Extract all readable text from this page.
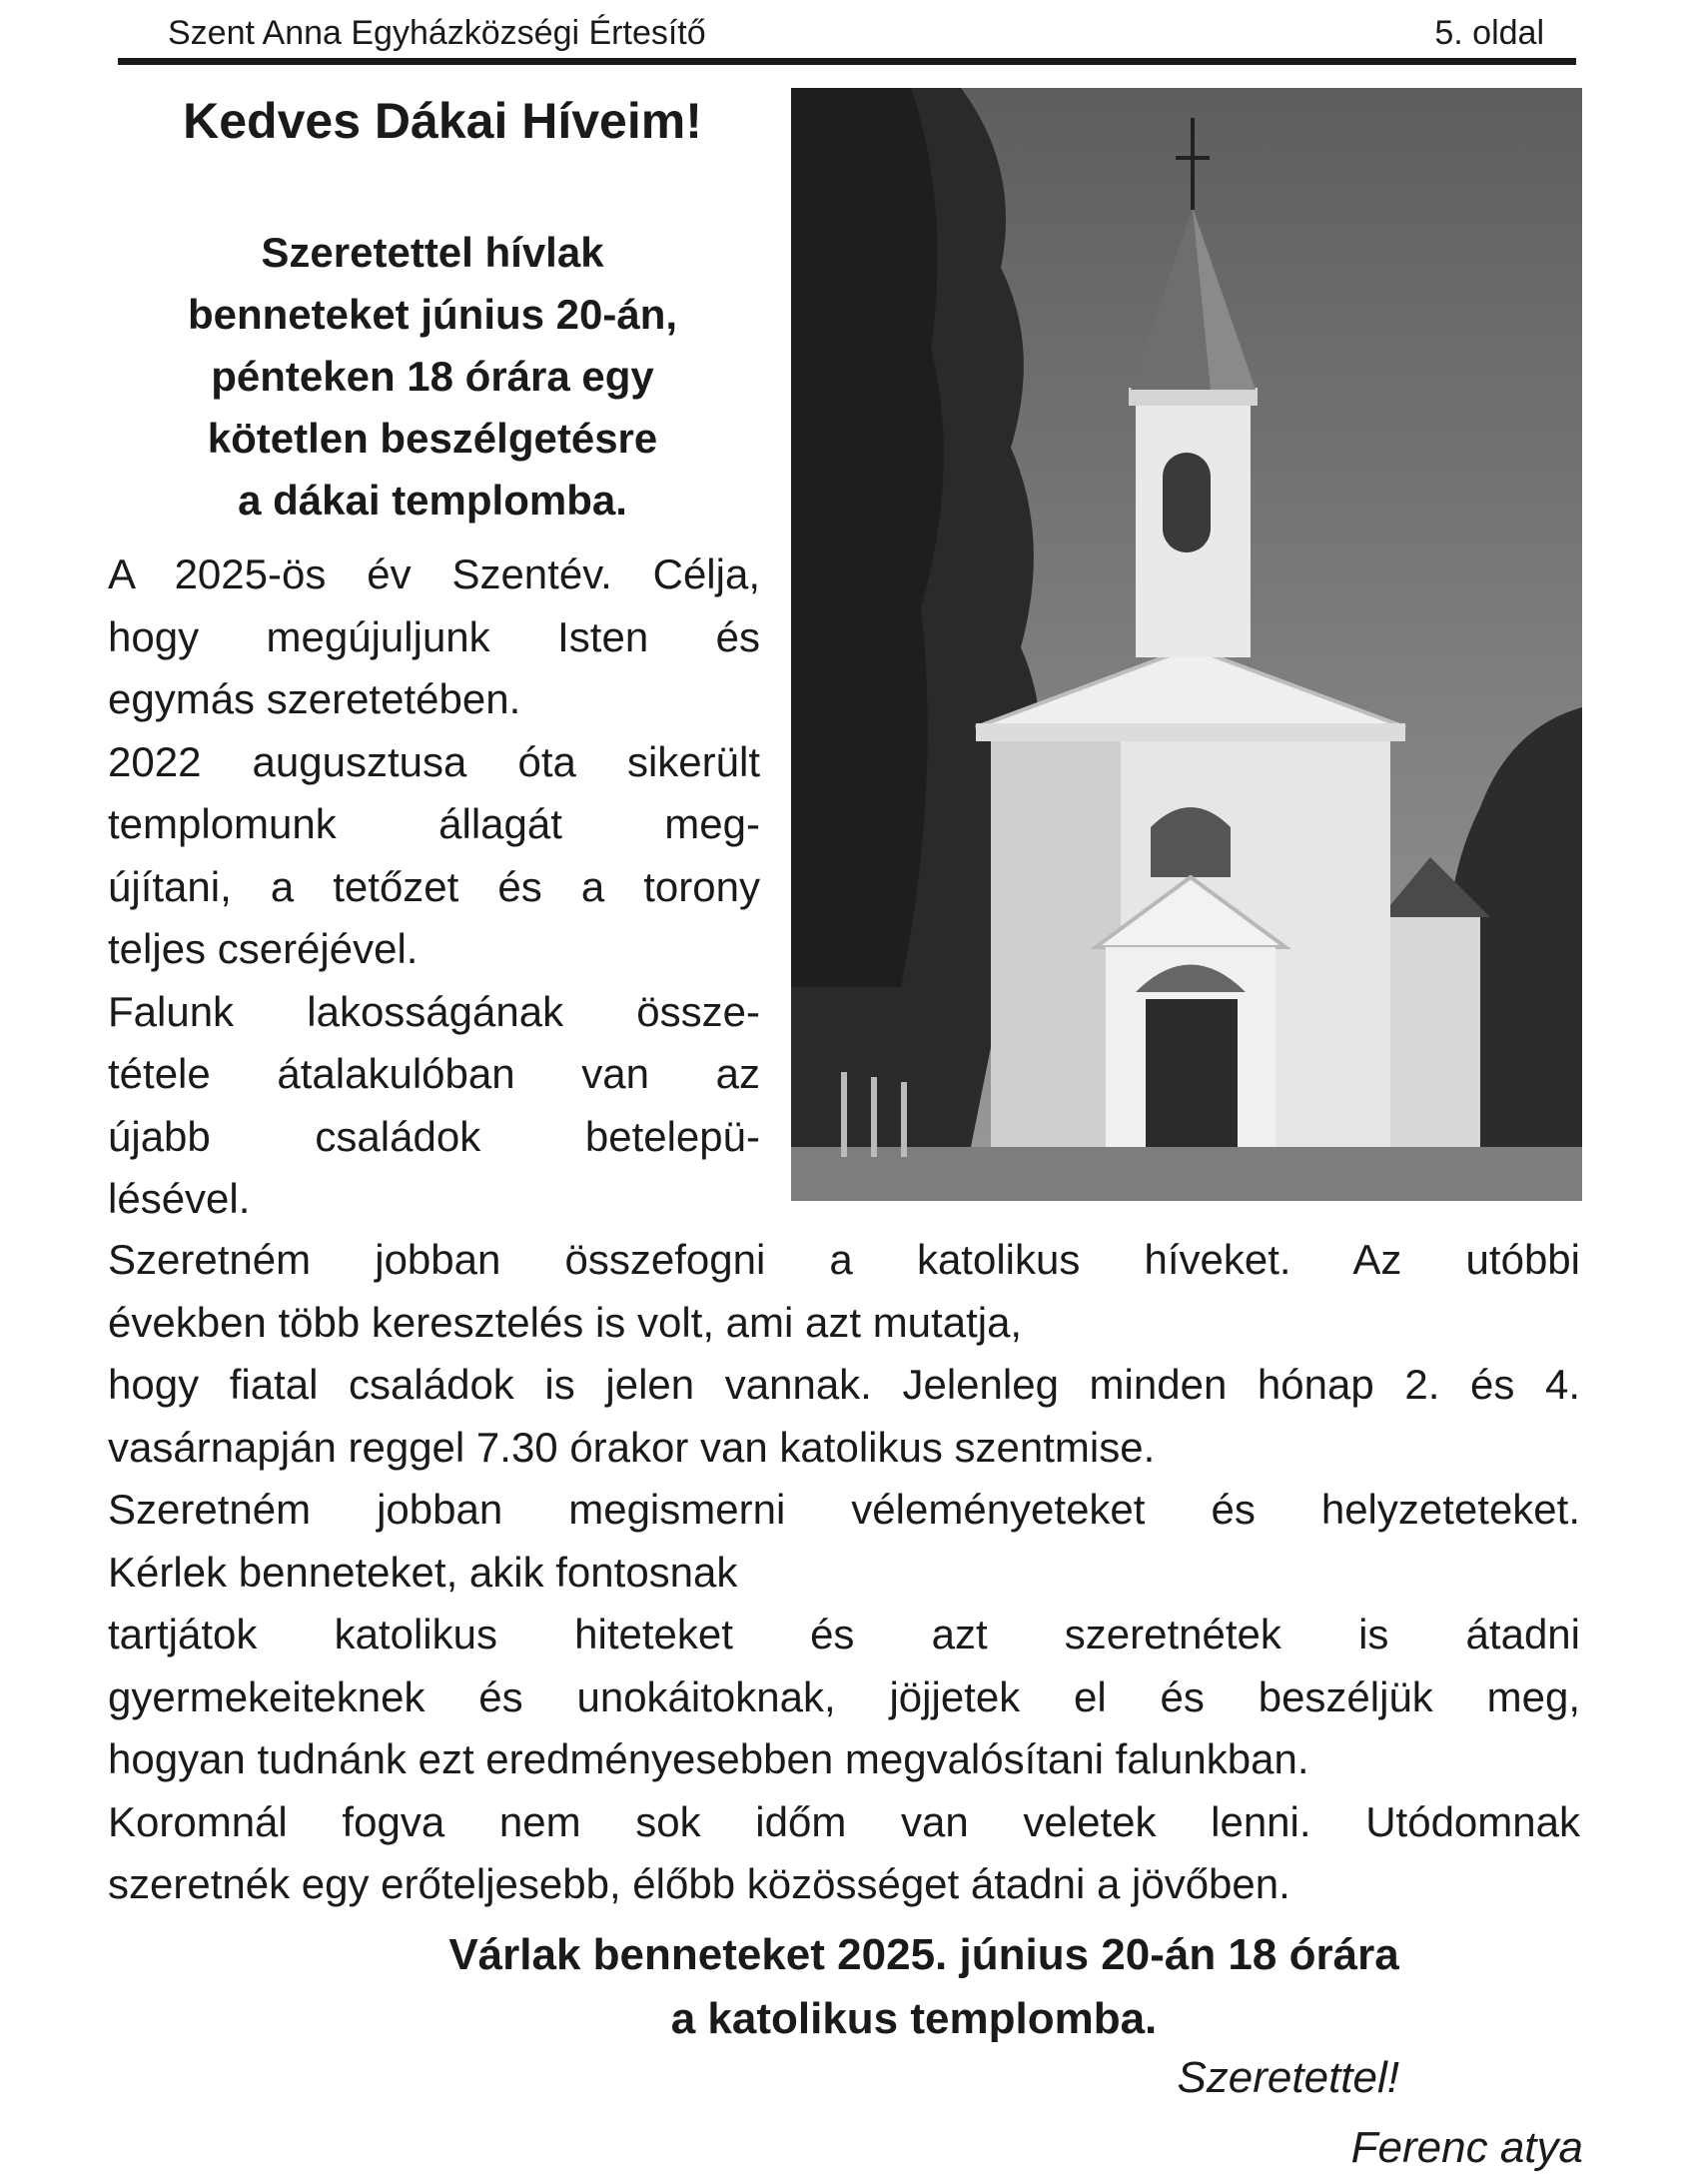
Szent Anna Egyházközségi Értesítő	5. oldal
Kedves Dákai Híveim!
Szeretettel hívlak
benneteket június 20-án,
pénteken 18 órára egy
kötetlen beszélgetésre
a dákai templomba.
A 2025-ös év Szentév. Célja,
hogy megújuljunk Isten és
egymás szeretetében.
2022 augusztusa óta sikerült
templomunk állagát meg-
újítani, a tetőzet és a torony
teljes cseréjével.
Falunk lakosságának össze-
tétele átalakulóban van az
újabb családok betelepü-
lésével.
Szeretném jobban összefogni a katolikus híveket. Az utóbbi
években több keresztelés is volt, ami azt mutatja,
hogy fiatal családok is jelen vannak. Jelenleg minden hónap 2. és 4.
vasárnapján reggel 7.30 órakor van katolikus szentmise.
Szeretném jobban megismerni véleményeteket és helyzeteteket.
Kérlek benneteket, akik fontosnak
tartjátok katolikus hiteteket és azt szeretnétek is átadni
gyermekeiteknek és unokáitoknak, jöjjetek el és beszéljük meg,
hogyan tudnánk ezt eredményesebben megvalósítani falunkban.
Koromnál fogva nem sok időm van veletek lenni. Utódomnak
szeretnék egy erőteljesebb, élőbb közösséget átadni a jövőben.
Várlak benneteket 2025. június 20-án 18 órára
a katolikus templomba.
Szeretettel!
Ferenc atya
